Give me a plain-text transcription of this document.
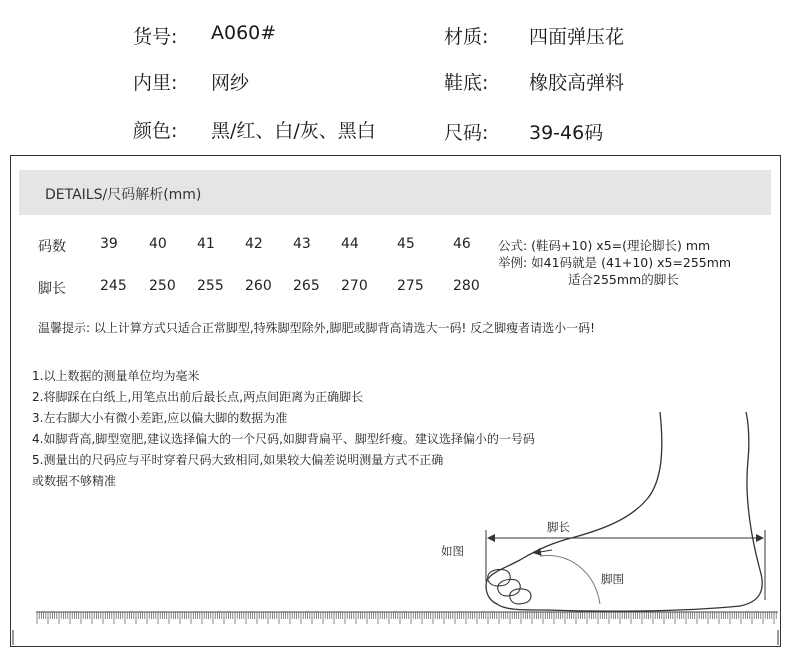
货号: A060#	材质: 四面弹压花
内里: 网纱	鞋底: 橡胶高弹料
颜色: 黑/红、白/灰、黑白	尺码: 39-46码
DETAILS/尺码解析(mm)
码数 39 40 41 42 43 44	45	46
脚长 245 250 255 260 265 270 275 280
公式: (鞋码+10) x5=(理论脚长) mm
举例: 如41码就是 (41+10) x5=255mm
适合255mm的脚长
温馨提示: 以上计算方式只适合正常脚型,特殊脚型除外,脚肥或脚背高请选大一码! 反之脚瘦者请选小一码!
1.以上数据的测量单位均为毫米
2.将脚踩在白纸上,用笔点出前后最长点,两点间距离为正确脚长
3.左右脚大小有微小差距,应以偏大脚的数据为准
4.如脚背高,脚型宽肥,建议选择偏大的一个尺码,如脚背扁平、脚型纤瘦。建议选择偏小的一号码
5.测量出的尺码应与平时穿着尺码大致相同,如果较大偏差说明测量方式不正确
或数据不够精准
如图
脚长
脚围
